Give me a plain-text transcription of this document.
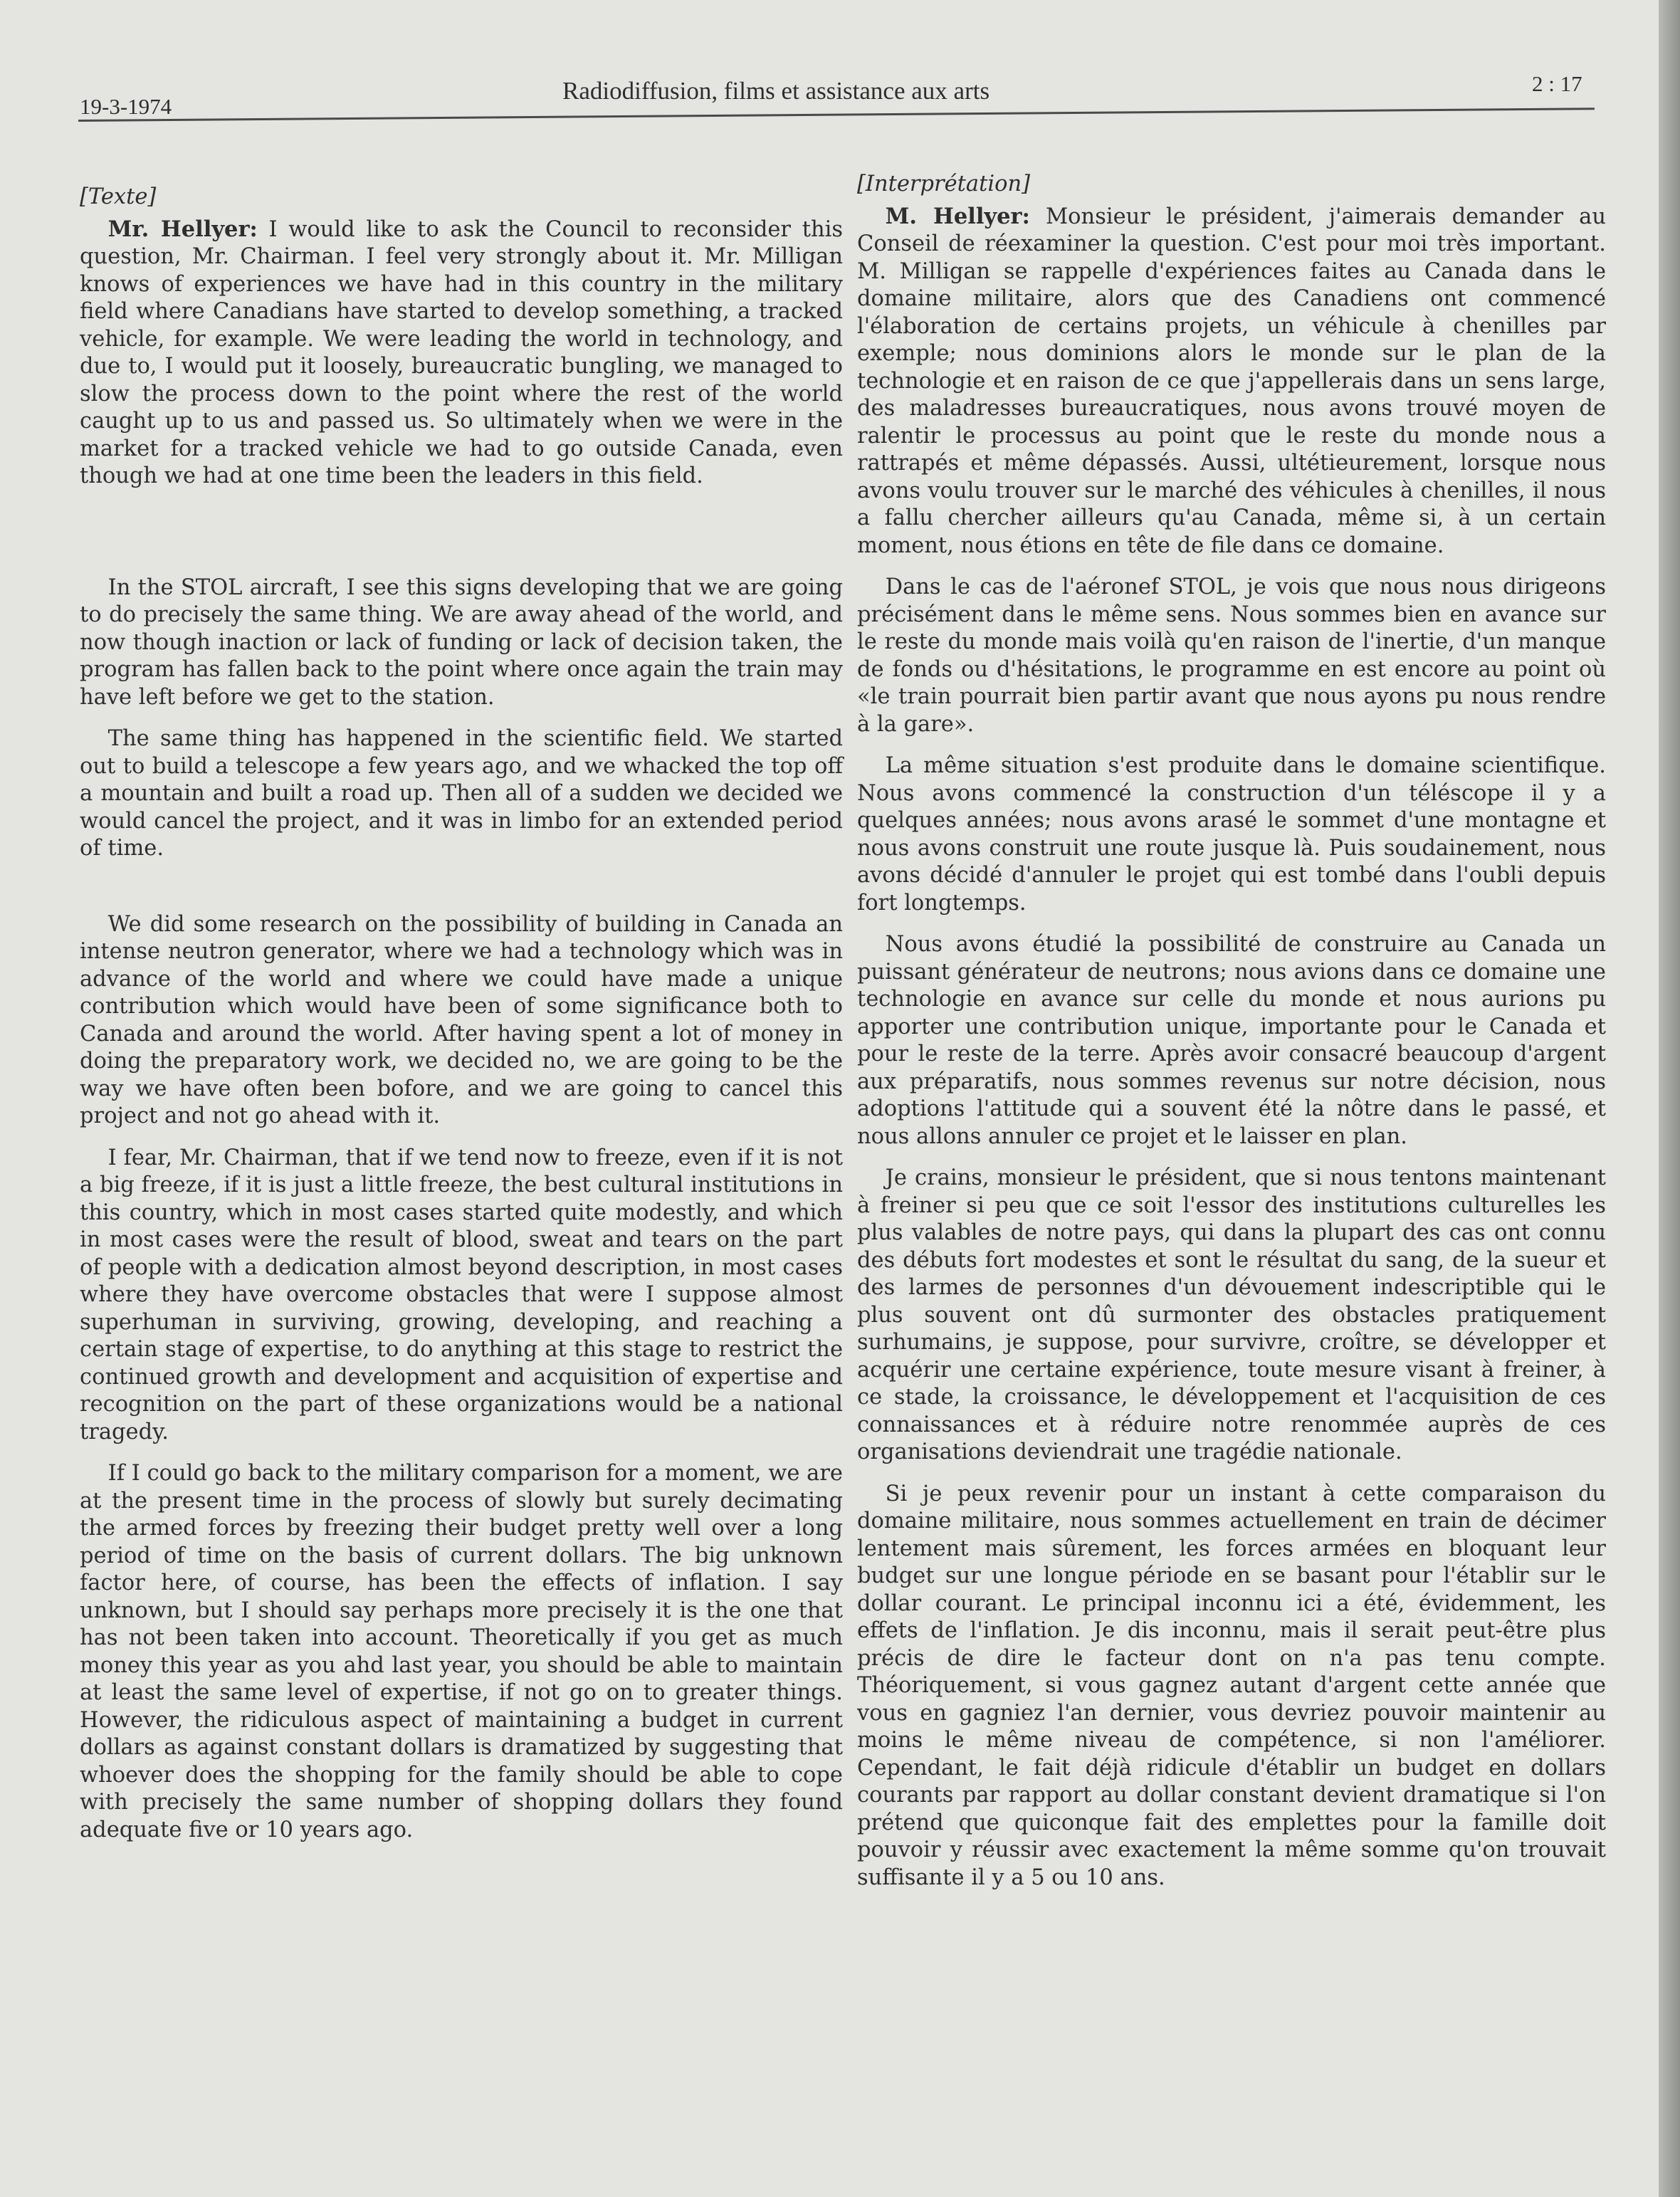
19-3-1974
Radiodiffusion, films et assistance aux arts	2 : 17
[Texte]

Mr. Hellyer: I would like to ask the Council to reconsider this question, Mr. Chairman. I feel very strongly about it. Mr. Milligan knows of experiences we have had in this country in the military field where Canadians have started to develop something, a tracked vehicle, for example. We were leading the world in technology, and due to, I would put it loosely, bureaucratic bungling, we managed to slow the process down to the point where the rest of the world caught up to us and passed us. So ultimately when we were in the market for a tracked vehicle we had to go outside Canada, even though we had at one time been the leaders in this field.

In the STOL aircraft, I see this signs developing that we are going to do precisely the same thing. We are away ahead of the world, and now though inaction or lack of funding or lack of decision taken, the program has fallen back to the point where once again the train may have left before we get to the station.

The same thing has happened in the scientific field. We started out to build a telescope a few years ago, and we whacked the top off a mountain and built a road up. Then all of a sudden we decided we would cancel the project, and it was in limbo for an extended period of time.

We did some research on the possibility of building in Canada an intense neutron generator, where we had a technology which was in advance of the world and where we could have made a unique contribution which would have been of some significance both to Canada and around the world. After having spent a lot of money in doing the preparatory work, we decided no, we are going to be the way we have often been bofore, and we are going to cancel this project and not go ahead with it.

I fear, Mr. Chairman, that if we tend now to freeze, even if it is not a big freeze, if it is just a little freeze, the best cultural institutions in this country, which in most cases started quite modestly, and which in most cases were the result of blood, sweat and tears on the part of people with a dedication almost beyond description, in most cases where they have overcome obstacles that were I suppose almost superhuman in surviving, growing, developing, and reaching a certain stage of expertise, to do anything at this stage to restrict the continued growth and development and acquisition of expertise and recognition on the part of these organizations would be a national tragedy.

If I could go back to the military comparison for a moment, we are at the present time in the process of slowly but surely decimating the armed forces by freezing their budget pretty well over a long period of time on the basis of current dollars. The big unknown factor here, of course, has been the effects of inflation. I say unknown, but I should say perhaps more precisely it is the one that has not been taken into account. Theoretically if you get as much money this year as you ahd last year, you should be able to maintain at least the same level of expertise, if not go on to greater things. However, the ridiculous aspect of maintaining a budget in current dollars as against constant dollars is dramatized by suggesting that whoever does the shopping for the family should be able to cope with precisely the same number of shopping dollars they found adequate five or 10 years ago.

[Interprétation]

M. Hellyer: Monsieur le président, j'aimerais demander au Conseil de réexaminer la question. C'est pour moi très important. M. Milligan se rappelle d'expériences faites au Canada dans le domaine militaire, alors que des Canadiens ont commencé l'élaboration de certains projets, un véhicule à chenilles par exemple; nous dominions alors le monde sur le plan de la technologie et en raison de ce que j'appellerais dans un sens large, des maladresses bureaucratiques, nous avons trouvé moyen de ralentir le processus au point que le reste du monde nous a rattrapés et même dépassés. Aussi, ultétieurement, lorsque nous avons voulu trouver sur le marché des véhicules à chenilles, il nous a fallu chercher ailleurs qu'au Canada, même si, à un certain moment, nous étions en tête de file dans ce domaine.

Dans le cas de l'aéronef STOL, je vois que nous nous dirigeons précisément dans le même sens. Nous sommes bien en avance sur le reste du monde mais voilà qu'en raison de l'inertie, d'un manque de fonds ou d'hésitations, le programme en est encore au point où «le train pourrait bien partir avant que nous ayons pu nous rendre à la gare».

La même situation s'est produite dans le domaine scientifique. Nous avons commencé la construction d'un téléscope il y a quelques années; nous avons arasé le sommet d'une montagne et nous avons construit une route jusque là. Puis soudainement, nous avons décidé d'annuler le projet qui est tombé dans l'oubli depuis fort longtemps.

Nous avons étudié la possibilité de construire au Canada un puissant générateur de neutrons; nous avions dans ce domaine une technologie en avance sur celle du monde et nous aurions pu apporter une contribution unique, importante pour le Canada et pour le reste de la terre. Après avoir consacré beaucoup d'argent aux préparatifs, nous sommes revenus sur notre décision, nous adoptions l'attitude qui a souvent été la nôtre dans le passé, et nous allons annuler ce projet et le laisser en plan.

Je crains, monsieur le président, que si nous tentons maintenant à freiner si peu que ce soit l'essor des institutions culturelles les plus valables de notre pays, qui dans la plupart des cas ont connu des débuts fort modestes et sont le résultat du sang, de la sueur et des larmes de personnes d'un dévouement indescriptible qui le plus souvent ont dû surmonter des obstacles pratiquement surhumains, je suppose, pour survivre, croître, se développer et acquérir une certaine expérience, toute mesure visant à freiner, à ce stade, la croissance, le développement et l'acquisition de ces connaissances et à réduire notre renommée auprès de ces organisations deviendrait une tragédie nationale.

Si je peux revenir pour un instant à cette comparaison du domaine militaire, nous sommes actuellement en train de décimer lentement mais sûrement, les forces armées en bloquant leur budget sur une longue période en se basant pour l'établir sur le dollar courant. Le principal inconnu ici a été, évidemment, les effets de l'inflation. Je dis inconnu, mais il serait peut-être plus précis de dire le facteur dont on n'a pas tenu compte. Théoriquement, si vous gagnez autant d'argent cette année que vous en gagniez l'an dernier, vous devriez pouvoir maintenir au moins le même niveau de compétence, si non l'améliorer. Cependant, le fait déjà ridicule d'établir un budget en dollars courants par rapport au dollar constant devient dramatique si l'on prétend que quiconque fait des emplettes pour la famille doit pouvoir y réussir avec exactement la même somme qu'on trouvait suffisante il y a 5 ou 10 ans.
